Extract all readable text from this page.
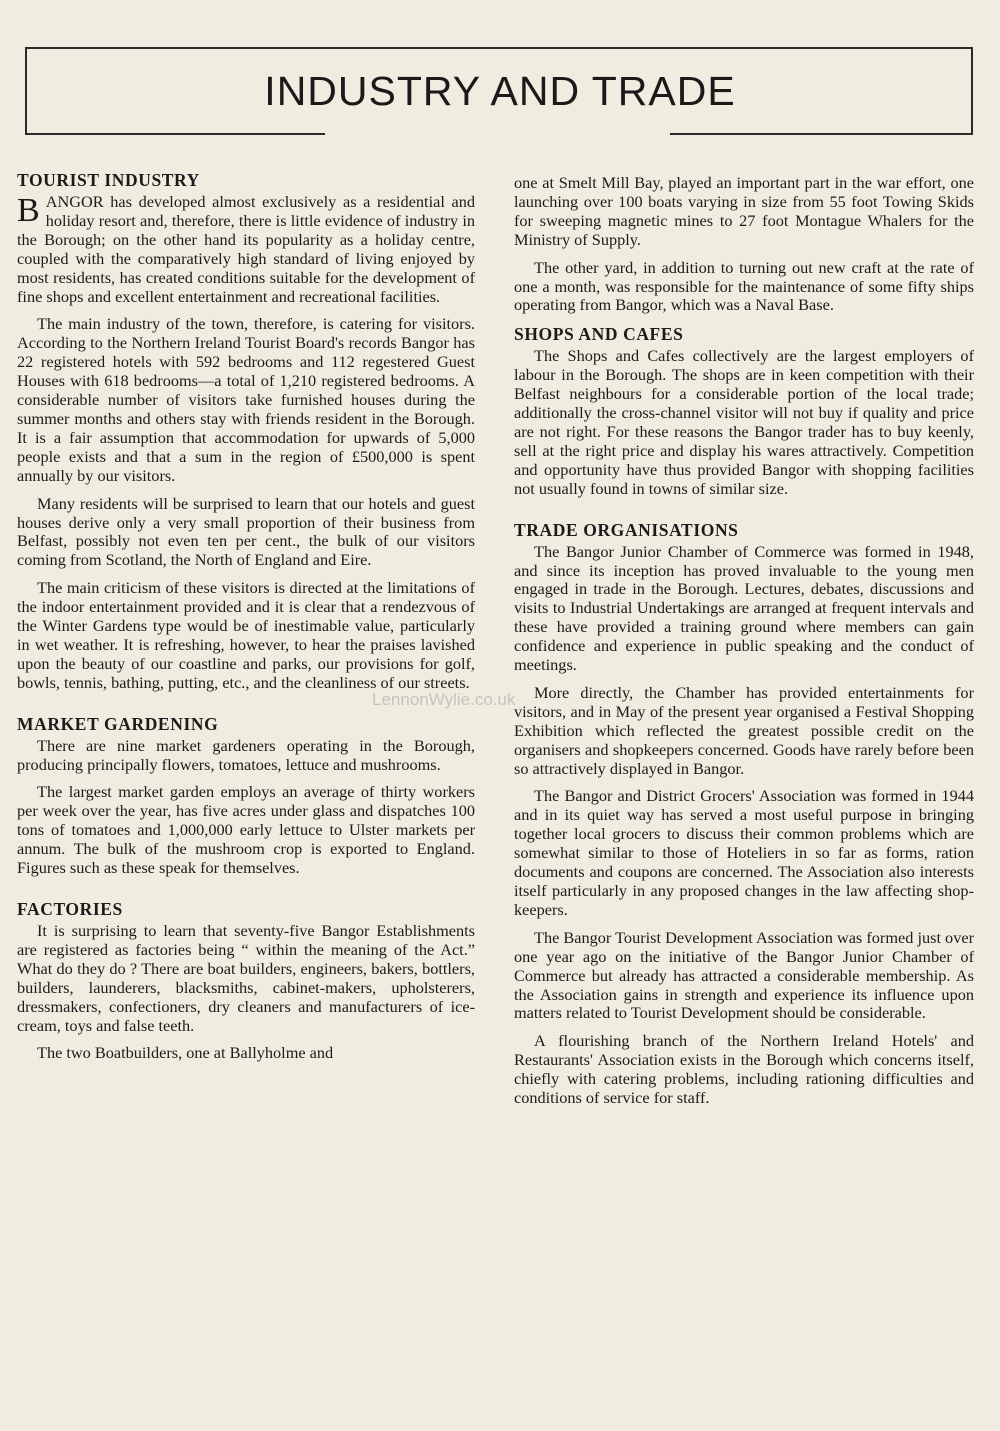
INDUSTRY AND TRADE
TOURIST INDUSTRY

BANGOR has developed almost exclusively as a residential and holiday resort and, therefore, there is little evidence of industry in the Borough; on the other hand its popularity as a holiday centre, coupled with the comparatively high standard of living enjoyed by most residents, has created conditions suitable for the development of fine shops and excellent entertainment and recreational facilities.

The main industry of the town, therefore, is catering for visitors. According to the Northern Ireland Tourist Board's records Bangor has 22 registered hotels with 592 bedrooms and 112 regestered Guest Houses with 618 bedrooms—a total of 1,210 registered bedrooms. A considerable number of visitors take furnished houses during the summer months and others stay with friends resident in the Borough. It is a fair assumption that accommodation for upwards of 5,000 people exists and that a sum in the region of £500,000 is spent annually by our visitors.

Many residents will be surprised to learn that our hotels and guest houses derive only a very small proportion of their business from Belfast, possibly not even ten per cent., the bulk of our visitors coming from Scotland, the North of England and Eire.

The main criticism of these visitors is directed at the limitations of the indoor entertainment provided and it is clear that a rendezvous of the Winter Gardens type would be of inestimable value, particularly in wet weather. It is refreshing, however, to hear the praises lavished upon the beauty of our coastline and parks, our provisions for golf, bowls, tennis, bathing, putting, etc., and the cleanliness of our streets.

MARKET GARDENING

There are nine market gardeners operating in the Borough, producing principally flowers, tomatoes, lettuce and mushrooms.

The largest market garden employs an average of thirty workers per week over the year, has five acres under glass and dispatches 100 tons of tomatoes and 1,000,000 early lettuce to Ulster markets per annum. The bulk of the mushroom crop is exported to England. Figures such as these speak for themselves.

FACTORIES

It is surprising to learn that seventy-five Bangor Establishments are registered as factories being “ within the meaning of the Act.” What do they do ? There are boat builders, engineers, bakers, bottlers, builders, launderers, blacksmiths, cabinet-makers, upholsterers, dressmakers, confectioners, dry cleaners and manufacturers of ice-cream, toys and false teeth.

The two Boatbuilders, one at Ballyholme and

one at Smelt Mill Bay, played an important part in the war effort, one launching over 100 boats varying in size from 55 foot Towing Skids for sweeping magnetic mines to 27 foot Montague Whalers for the Ministry of Supply.

The other yard, in addition to turning out new craft at the rate of one a month, was responsible for the maintenance of some fifty ships operating from Bangor, which was a Naval Base.

SHOPS AND CAFES

The Shops and Cafes collectively are the largest employers of labour in the Borough. The shops are in keen competition with their Belfast neighbours for a considerable portion of the local trade; additionally the cross-channel visitor will not buy if quality and price are not right. For these reasons the Bangor trader has to buy keenly, sell at the right price and display his wares attractively. Competition and opportunity have thus provided Bangor with shopping facilities not usually found in towns of similar size.

TRADE ORGANISATIONS

The Bangor Junior Chamber of Commerce was formed in 1948, and since its inception has proved invaluable to the young men engaged in trade in the Borough. Lectures, debates, discussions and visits to Industrial Undertakings are arranged at frequent intervals and these have provided a training ground where members can gain confidence and experience in public speaking and the conduct of meetings.

More directly, the Chamber has provided entertainments for visitors, and in May of the present year organised a Festival Shopping Exhibition which reflected the greatest possible credit on the organisers and shopkeepers concerned. Goods have rarely before been so attractively displayed in Bangor.

The Bangor and District Grocers' Association was formed in 1944 and in its quiet way has served a most useful purpose in bringing together local grocers to discuss their common problems which are somewhat similar to those of Hoteliers in so far as forms, ration documents and coupons are concerned. The Association also interests itself particularly in any proposed changes in the law affecting shop-keepers.

The Bangor Tourist Development Association was formed just over one year ago on the initiative of the Bangor Junior Chamber of Commerce but already has attracted a considerable membership. As the Association gains in strength and experience its influence upon matters related to Tourist Development should be considerable.

A flourishing branch of the Northern Ireland Hotels' and Restaurants' Association exists in the Borough which concerns itself, chiefly with catering problems, including rationing difficulties and conditions of service for staff.

LennonWylie.co.uk
